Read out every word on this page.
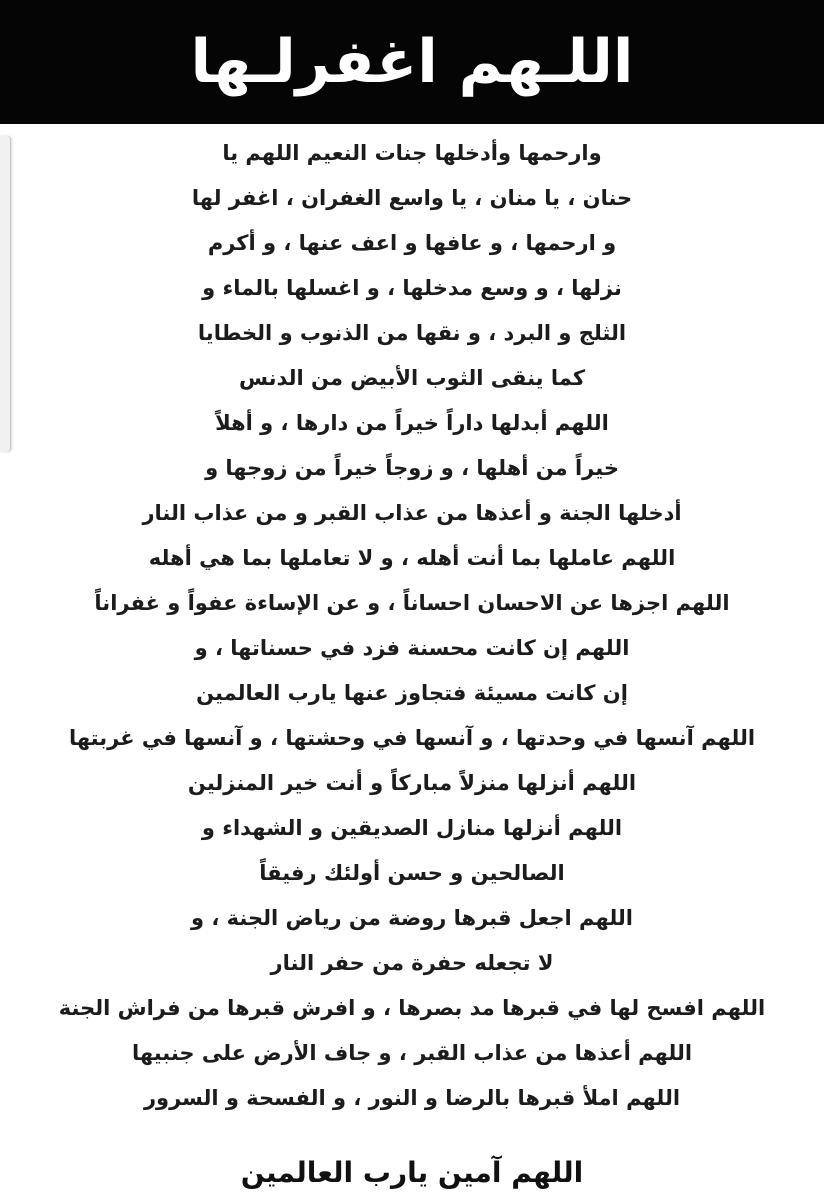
اللـهم اغفرلـها
وارحمها وأدخلها جنات النعيم اللهم يا
حنان ، يا منان ، يا واسع الغفران ، اغفر لها
و ارحمها ، و عافها و اعف عنها ، و أكرم
نزلها ، و وسع مدخلها ، و اغسلها بالماء و
الثلج و البرد ، و نقها من الذنوب و الخطايا
كما ينقى الثوب الأبيض من الدنس
اللهم أبدلها داراً خيراً من دارها ، و أهلاً
خيراً من أهلها ، و زوجاً خيراً من زوجها و
أدخلها الجنة و أعذها من عذاب القبر و من عذاب النار
اللهم عاملها بما أنت أهله ، و لا تعاملها بما هي أهله
اللهم اجزها عن الاحسان احساناً ، و عن الإساءة عفواً و غفراناً
اللهم إن كانت محسنة فزد في حسناتها ، و
إن كانت مسيئة فتجاوز عنها يارب العالمين
اللهم آنسها في وحدتها ، و آنسها في وحشتها ، و آنسها في غربتها
اللهم أنزلها منزلاً مباركاً و أنت خير المنزلين
اللهم أنزلها منازل الصديقين و الشهداء و
الصالحين و حسن أولئك رفيقاً
اللهم اجعل قبرها روضة من رياض الجنة ، و
لا تجعله حفرة من حفر النار
اللهم افسح لها في قبرها مد بصرها ، و افرش قبرها من فراش الجنة
اللهم أعذها من عذاب القبر ، و جاف الأرض على جنبيها
اللهم املأ قبرها بالرضا و النور ، و الفسحة و السرور
اللهم آمين يارب العالمين
